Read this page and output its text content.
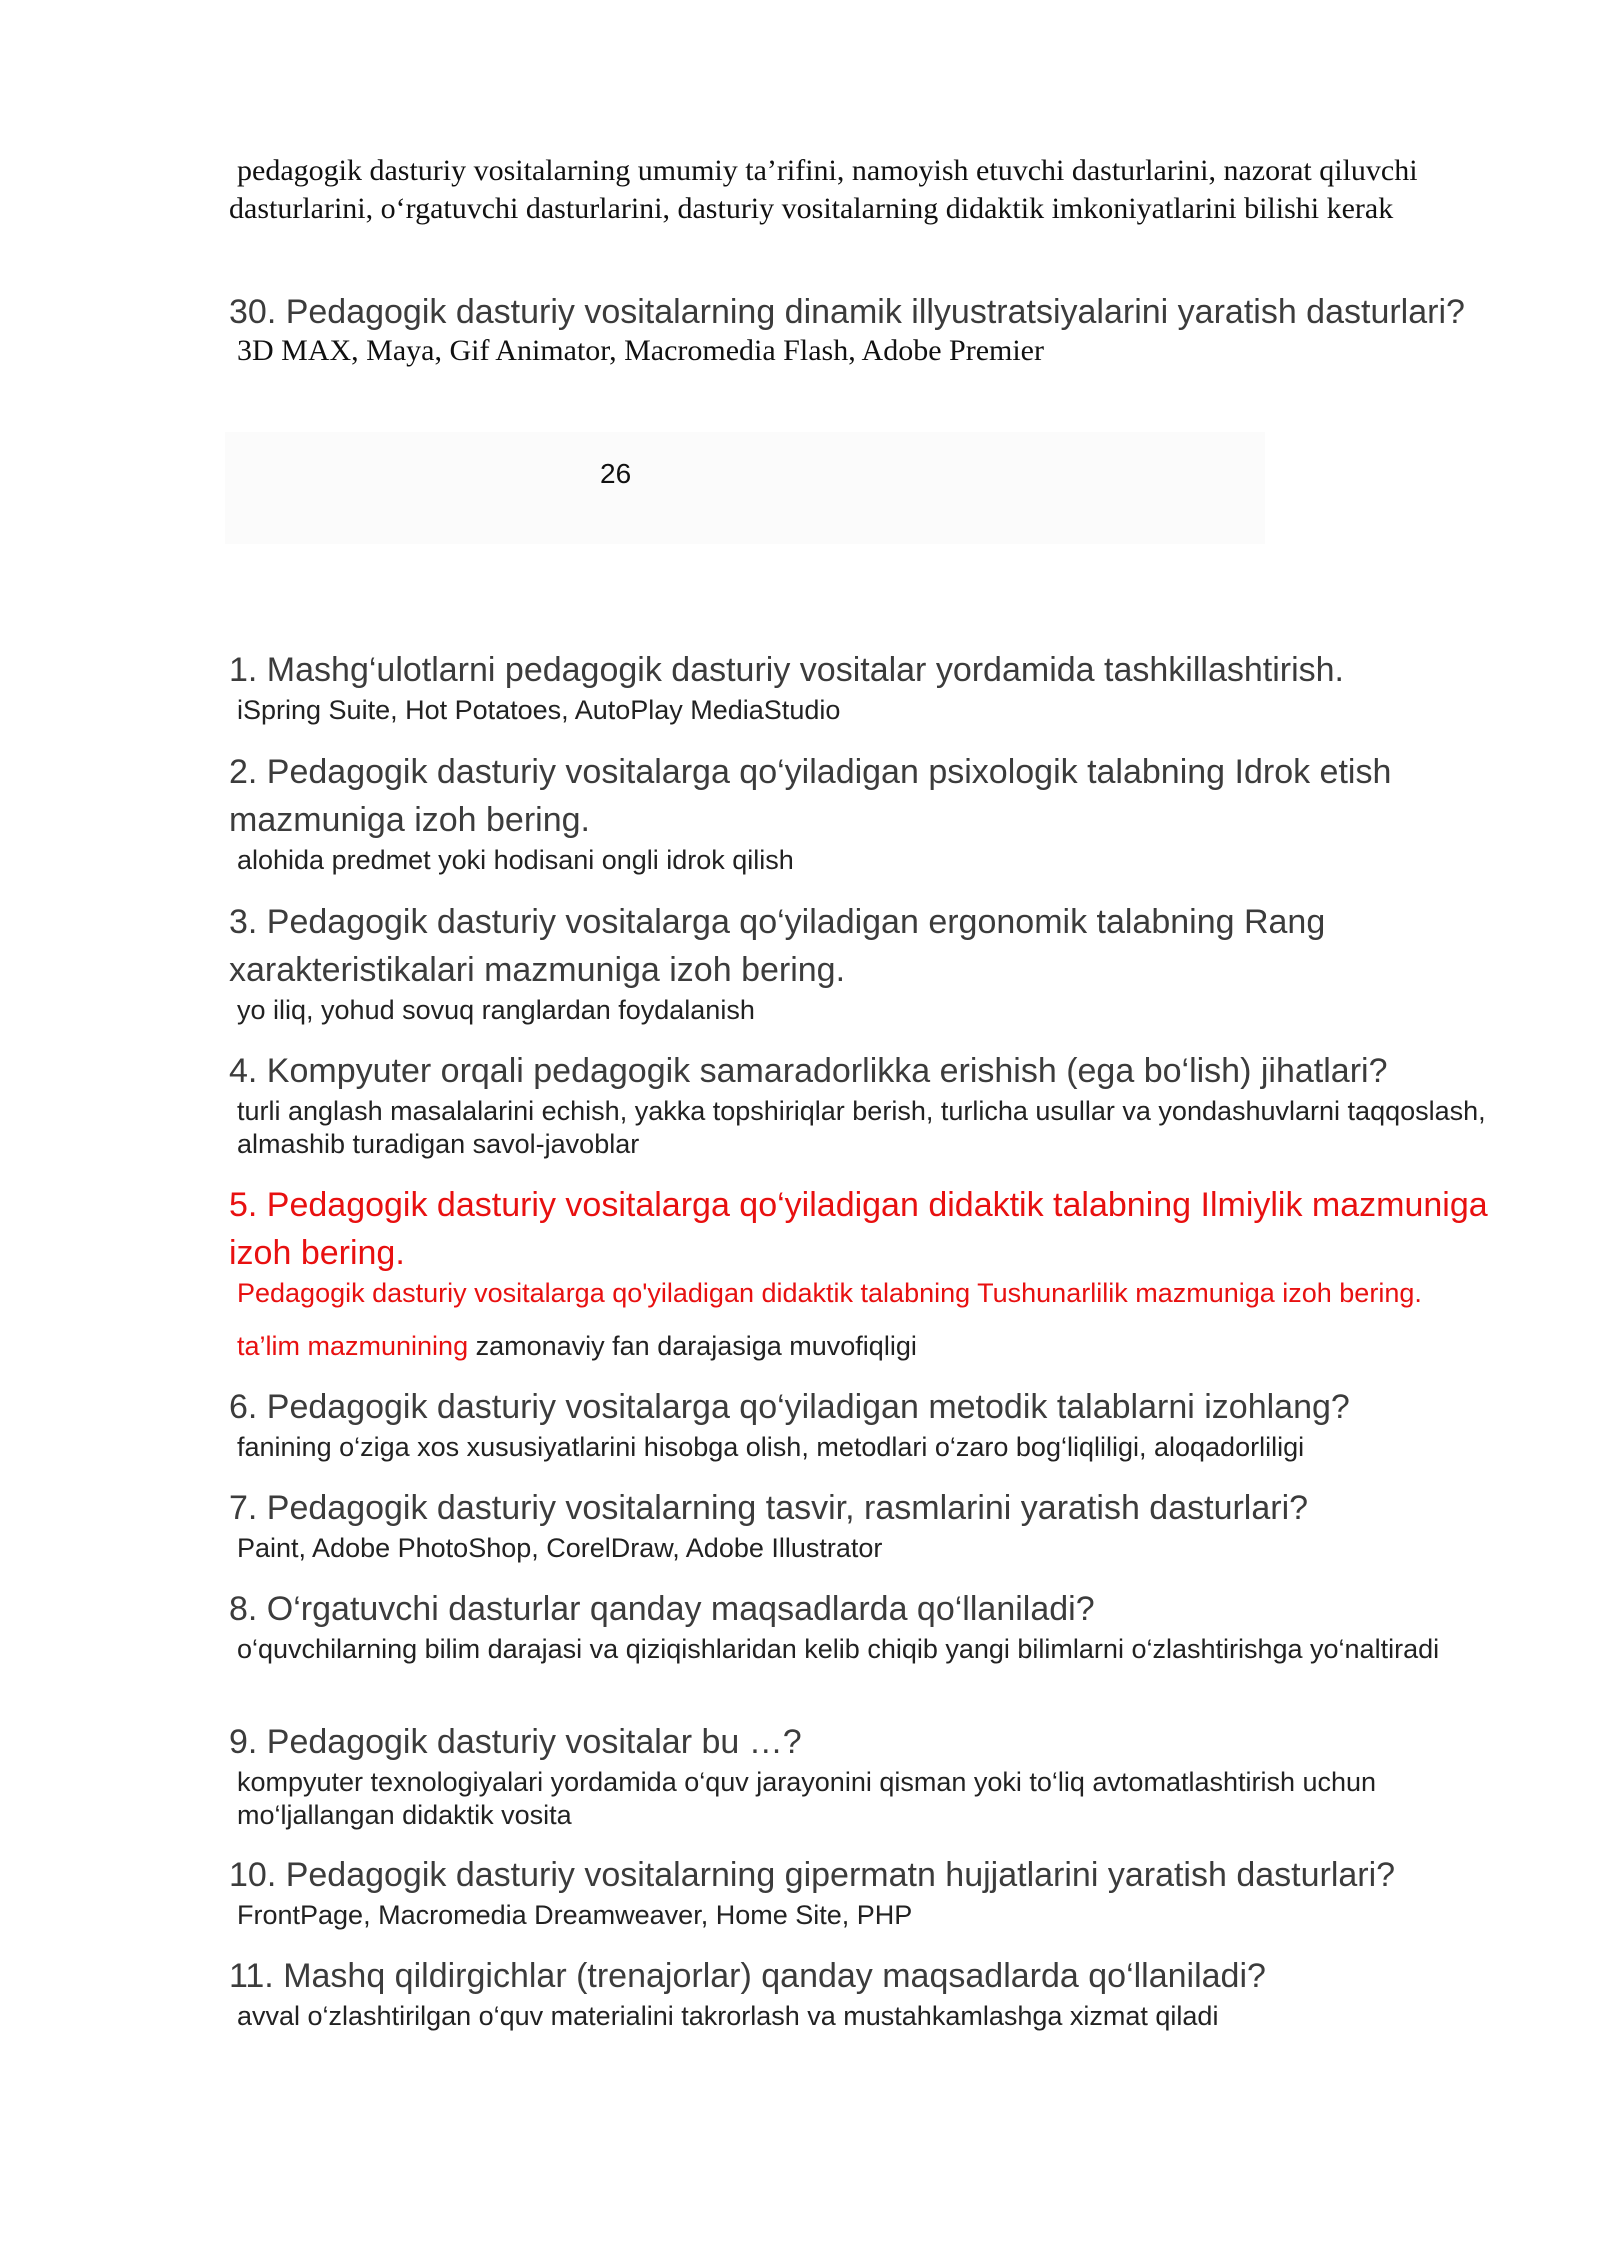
pedagogik dasturiy vositalarning umumiy ta’rifini, namoyish etuvchi dasturlarini, nazorat qiluvchi dasturlarini, o‘rgatuvchi dasturlarini, dasturiy vositalarning didaktik imkoniyatlarini bilishi kerak

30. Pedagogik dasturiy vositalarning dinamik illyustratsiyalarini yaratish dasturlari?

3D MAX, Maya, Gif Animator, Macromedia Flash, Adobe Premier

26

1. Mashg‘ulotlarni pedagogik dasturiy vositalar yordamida tashkillashtirish.

iSpring Suite, Hot Potatoes, AutoPlay MediaStudio

2. Pedagogik dasturiy vositalarga qo‘yiladigan psixologik talabning Idrok etish mazmuniga izoh bering.

alohida predmet yoki hodisani ongli idrok qilish

3. Pedagogik dasturiy vositalarga qo‘yiladigan ergonomik talabning Rang xarakteristikalari mazmuniga izoh bering.

yo iliq, yohud sovuq ranglardan foydalanish

4. Kompyuter orqali pedagogik samaradorlikka erishish (ega bo‘lish) jihatlari?

turli anglash masalalarini echish, yakka topshiriqlar berish, turlicha usullar va yondashuvlarni taqqoslash, almashib turadigan savol-javoblar

5. Pedagogik dasturiy vositalarga qo‘yiladigan didaktik talabning Ilmiylik mazmuniga izoh bering.

Pedagogik dasturiy vositalarga qo'yiladigan didaktik talabning Tushunarlilik mazmuniga izoh bering.

ta’lim mazmunining zamonaviy fan darajasiga muvofiqligi

6. Pedagogik dasturiy vositalarga qo‘yiladigan metodik talablarni izohlang?

fanining o‘ziga xos xususiyatlarini hisobga olish, metodlari o‘zaro bog‘liqliligi, aloqadorliligi

7. Pedagogik dasturiy vositalarning tasvir, rasmlarini yaratish dasturlari?

Paint, Adobe PhotoShop, CorelDraw, Adobe Illustrator

8. O‘rgatuvchi dasturlar qanday maqsadlarda qo‘llaniladi?

o‘quvchilarning bilim darajasi va qiziqishlaridan kelib chiqib yangi bilimlarni o‘zlashtirishga yo‘naltiradi

9. Pedagogik dasturiy vositalar bu …?

kompyuter texnologiyalari yordamida o‘quv jarayonini qisman yoki to‘liq avtomatlashtirish uchun mo‘ljallangan didaktik vosita

10. Pedagogik dasturiy vositalarning gipermatn hujjatlarini yaratish dasturlari?

FrontPage, Macromedia Dreamweaver, Home Site, PHP

11. Mashq qildirgichlar (trenajorlar) qanday maqsadlarda qo‘llaniladi?

avval o‘zlashtirilgan o‘quv materialini takrorlash va mustahkamlashga xizmat qiladi
